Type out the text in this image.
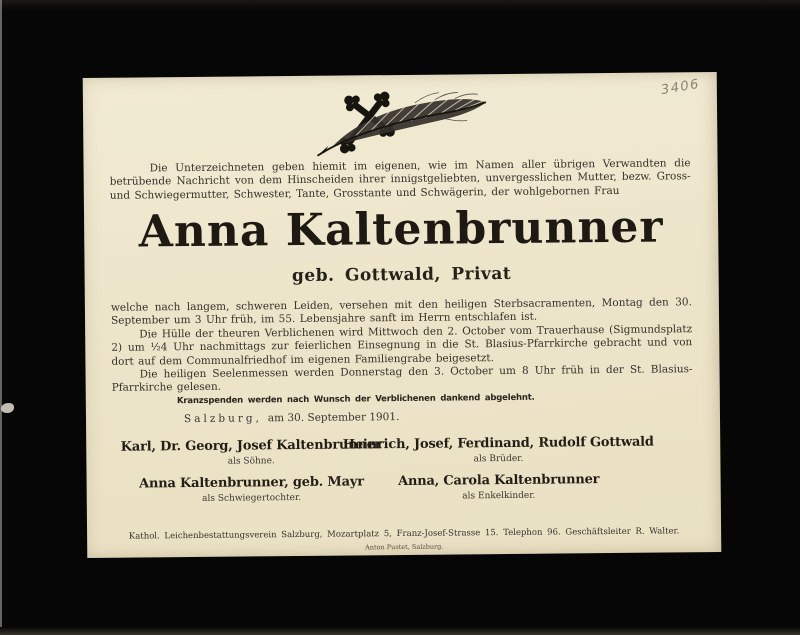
3406
Die Unterzeichneten geben hiemit im eigenen, wie im Namen aller übrigen Verwandten die betrübende Nachricht von dem Hinscheiden ihrer innigstgeliebten, unvergesslichen Mutter, bezw. Gross- und Schwiegermutter, Schwester, Tante, Grosstante und Schwägerin, der wohlgebornen Frau
Anna Kaltenbrunner
geb. Gottwald, Privat

welche nach langem, schweren Leiden, versehen mit den heiligen Sterbsacramenten, Montag den 30. September um 3 Uhr früh, im 55. Lebensjahre sanft im Herrn entschlafen ist.

Die Hülle der theuren Verblichenen wird Mittwoch den 2. October vom Trauerhause (Sigmundsplatz 2) um ½4 Uhr nachmittags zur feierlichen Einsegnung in die St. Blasius-Pfarrkirche gebracht und von dort auf dem Communalfriedhof im eigenen Familiengrabe beigesetzt.

Die heiligen Seelenmessen werden Donnerstag den 3. October um 8 Uhr früh in der St. Blasius-Pfarrkirche gelesen.

Kranzspenden werden nach Wunsch der Verblichenen dankend abgelehnt.
Salzburg, am 30. September 1901.
Karl, Dr. Georg, Josef Kaltenbrunner
als Söhne.
Heinrich, Josef, Ferdinand, Rudolf Gottwald
als Brüder.
Anna Kaltenbrunner, geb. Mayr
als Schwiegertochter.
Anna, Carola Kaltenbrunner
als Enkelkinder.
Kathol. Leichenbestattungsverein Salzburg, Mozartplatz 5, Franz-Josef-Strasse 15. Telephon 96. Geschäftsleiter R. Walter.
Anton Pustet, Salzburg.
